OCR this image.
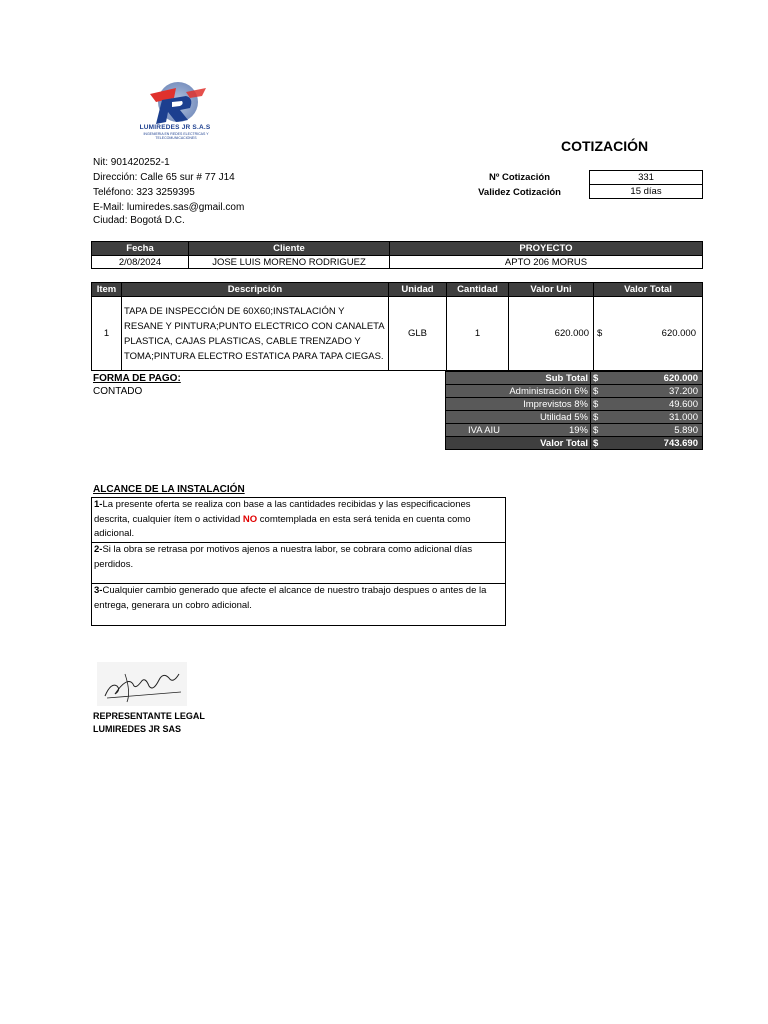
LUMIREDES JR S.A.S
INGENIERIA EN REDES ELECTRICAS Y TELECOMUNICACIONES	COTIZACIÓN
Nit: 901420252-1
Dirección: Calle 65 sur # 77 J14
Teléfono: 323 3259395
E-Mail: lumiredes.sas@gmail.com
Ciudad: Bogotá D.C.
Nº Cotización	331
Validez Cotización	15 días
Fecha	Cliente	PROYECTO
2/08/2024	JOSE LUIS MORENO RODRIGUEZ	APTO 206 MORUS
Item	Descripción	Unidad	Cantidad	Valor Uni	Valor Total	
1	TAPA DE INSPECCIÓN DE 60X60;INSTALACIÓN Y RESANE Y PINTURA;PUNTO ELECTRICO CON CANALETA PLASTICA, CAJAS PLASTICAS, CABLE TRENZADO Y TOMA;PINTURA ELECTRO ESTATICA PARA TAPA CIEGAS.	GLB	1	620.000	$	620.000
FORMA DE PAGO:
CONTADO
Sub Total	$	620.000
Administración 6%	$	37.200
Imprevistos 8%	$	49.600
Utilidad 5%	$	31.000

IVA AIU 19%	$	5.890
Valor Total	$	743.690
ALCANCE DE LA INSTALACIÓN
1-La presente oferta se realiza con base a las cantidades recibidas y las especificaciones descrita, cualquier ítem o actividad NO comtemplada en esta será tenida en cuenta como adicional.
2-Si la obra se retrasa por motivos ajenos a nuestra labor, se cobrara como adicional días perdidos.
3-Cualquier cambio generado que afecte el alcance de nuestro trabajo despues o antes de la entrega, generara un cobro adicional.
REPRESENTANTE LEGAL
LUMIREDES JR SAS
